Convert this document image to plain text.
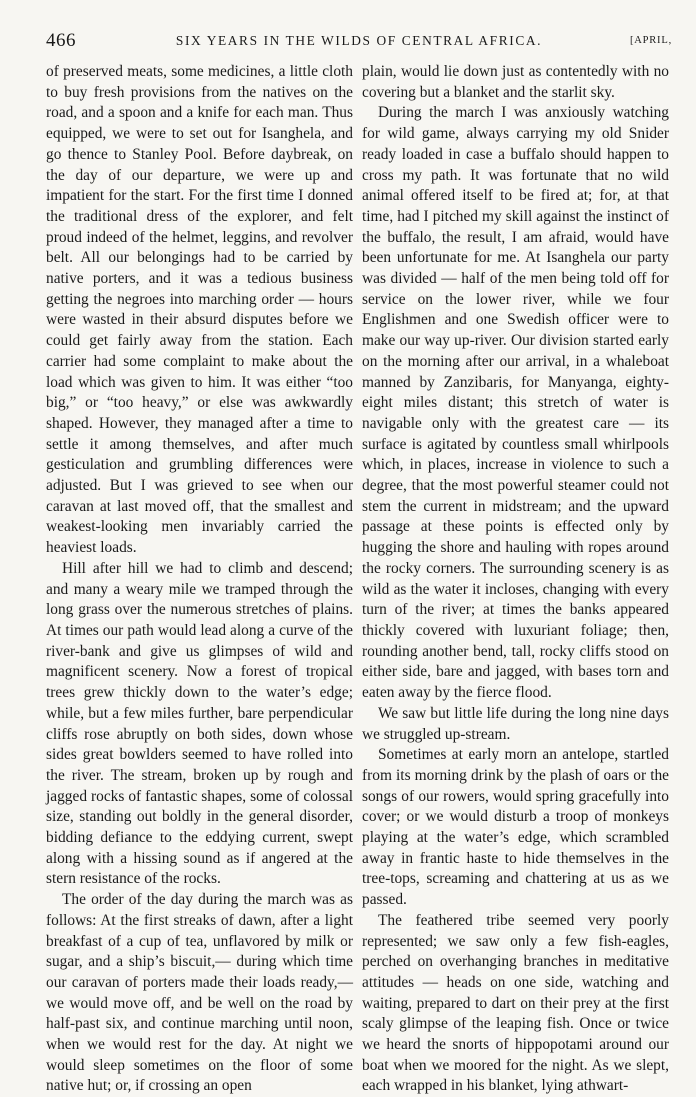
466	SIX YEARS IN THE WILDS OF CENTRAL AFRICA.	[APRIL,

of preserved meats, some medicines, a little cloth to buy fresh provisions from the natives on the road, and a spoon and a knife for each man. Thus equipped, we were to set out for Isanghela, and go thence to Stanley Pool. Before daybreak, on the day of our departure, we were up and impatient for the start. For the first time I donned the traditional dress of the explorer, and felt proud indeed of the helmet, leggins, and revolver belt. All our belongings had to be carried by native porters, and it was a tedious business getting the negroes into marching order — hours were wasted in their absurd disputes before we could get fairly away from the station. Each carrier had some complaint to make about the load which was given to him. It was either “too big,” or “too heavy,” or else was awkwardly shaped. However, they managed after a time to settle it among themselves, and after much gesticulation and grumbling differences were adjusted. But I was grieved to see when our caravan at last moved off, that the smallest and weakest-looking men invariably carried the heaviest loads.

Hill after hill we had to climb and descend; and many a weary mile we tramped through the long grass over the numerous stretches of plains. At times our path would lead along a curve of the river-bank and give us glimpses of wild and magnificent scenery. Now a forest of tropical trees grew thickly down to the water’s edge; while, but a few miles further, bare perpendicular cliffs rose abruptly on both sides, down whose sides great bowlders seemed to have rolled into the river. The stream, broken up by rough and jagged rocks of fantastic shapes, some of colossal size, standing out boldly in the general disorder, bidding defiance to the eddying current, swept along with a hissing sound as if angered at the stern resistance of the rocks.

The order of the day during the march was as follows: At the first streaks of dawn, after a light breakfast of a cup of tea, unflavored by milk or sugar, and a ship’s biscuit,— during which time our caravan of porters made their loads ready,— we would move off, and be well on the road by half-past six, and continue marching until noon, when we would rest for the day. At night we would sleep sometimes on the floor of some native hut; or, if crossing an open

plain, would lie down just as contentedly with no covering but a blanket and the starlit sky.

During the march I was anxiously watching for wild game, always carrying my old Snider ready loaded in case a buffalo should happen to cross my path. It was fortunate that no wild animal offered itself to be fired at; for, at that time, had I pitched my skill against the instinct of the buffalo, the result, I am afraid, would have been unfortunate for me. At Isanghela our party was divided — half of the men being told off for service on the lower river, while we four Englishmen and one Swedish officer were to make our way up-river. Our division started early on the morning after our arrival, in a whaleboat manned by Zanzibaris, for Manyanga, eighty-eight miles distant; this stretch of water is navigable only with the greatest care — its surface is agitated by countless small whirlpools which, in places, increase in violence to such a degree, that the most powerful steamer could not stem the current in midstream; and the upward passage at these points is effected only by hugging the shore and hauling with ropes around the rocky corners. The surrounding scenery is as wild as the water it incloses, changing with every turn of the river; at times the banks appeared thickly covered with luxuriant foliage; then, rounding another bend, tall, rocky cliffs stood on either side, bare and jagged, with bases torn and eaten away by the fierce flood.

We saw but little life during the long nine days we struggled up-stream.

Sometimes at early morn an antelope, startled from its morning drink by the plash of oars or the songs of our rowers, would spring gracefully into cover; or we would disturb a troop of monkeys playing at the water’s edge, which scrambled away in frantic haste to hide themselves in the tree-tops, screaming and chattering at us as we passed.

The feathered tribe seemed very poorly represented; we saw only a few fish-eagles, perched on overhanging branches in meditative attitudes — heads on one side, watching and waiting, prepared to dart on their prey at the first scaly glimpse of the leaping fish. Once or twice we heard the snorts of hippopotami around our boat when we moored for the night. As we slept, each wrapped in his blanket, lying athwart-
